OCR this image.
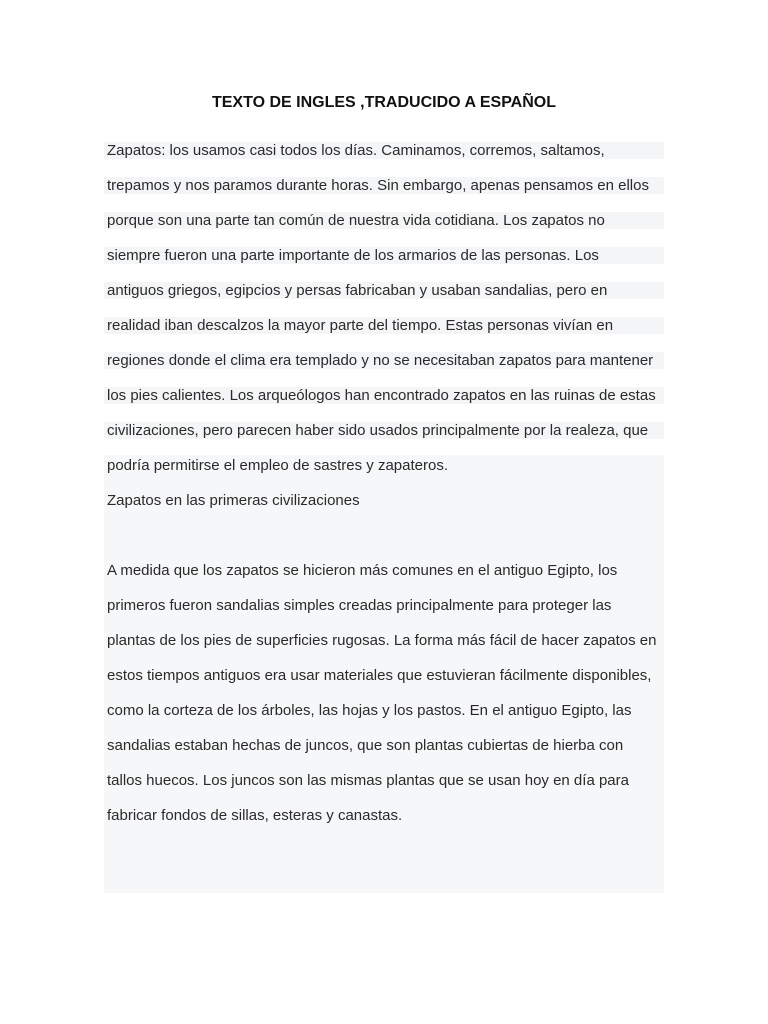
TEXTO DE INGLES ,TRADUCIDO A ESPAÑOL
Zapatos: los usamos casi todos los días. Caminamos, corremos, saltamos,
trepamos y nos paramos durante horas. Sin embargo, apenas pensamos en ellos
porque son una parte tan común de nuestra vida cotidiana. Los zapatos no
siempre fueron una parte importante de los armarios de las personas. Los
antiguos griegos, egipcios y persas fabricaban y usaban sandalias, pero en
realidad iban descalzos la mayor parte del tiempo. Estas personas vivían en
regiones donde el clima era templado y no se necesitaban zapatos para mantener
los pies calientes. Los arqueólogos han encontrado zapatos en las ruinas de estas
civilizaciones, pero parecen haber sido usados principalmente por la realeza, que
podría permitirse el empleo de sastres y zapateros.
Zapatos en las primeras civilizaciones
A medida que los zapatos se hicieron más comunes en el antiguo Egipto, los
primeros fueron sandalias simples creadas principalmente para proteger las
plantas de los pies de superficies rugosas. La forma más fácil de hacer zapatos en
estos tiempos antiguos era usar materiales que estuvieran fácilmente disponibles,
como la corteza de los árboles, las hojas y los pastos. En el antiguo Egipto, las
sandalias estaban hechas de juncos, que son plantas cubiertas de hierba con
tallos huecos. Los juncos son las mismas plantas que se usan hoy en día para
fabricar fondos de sillas, esteras y canastas.
